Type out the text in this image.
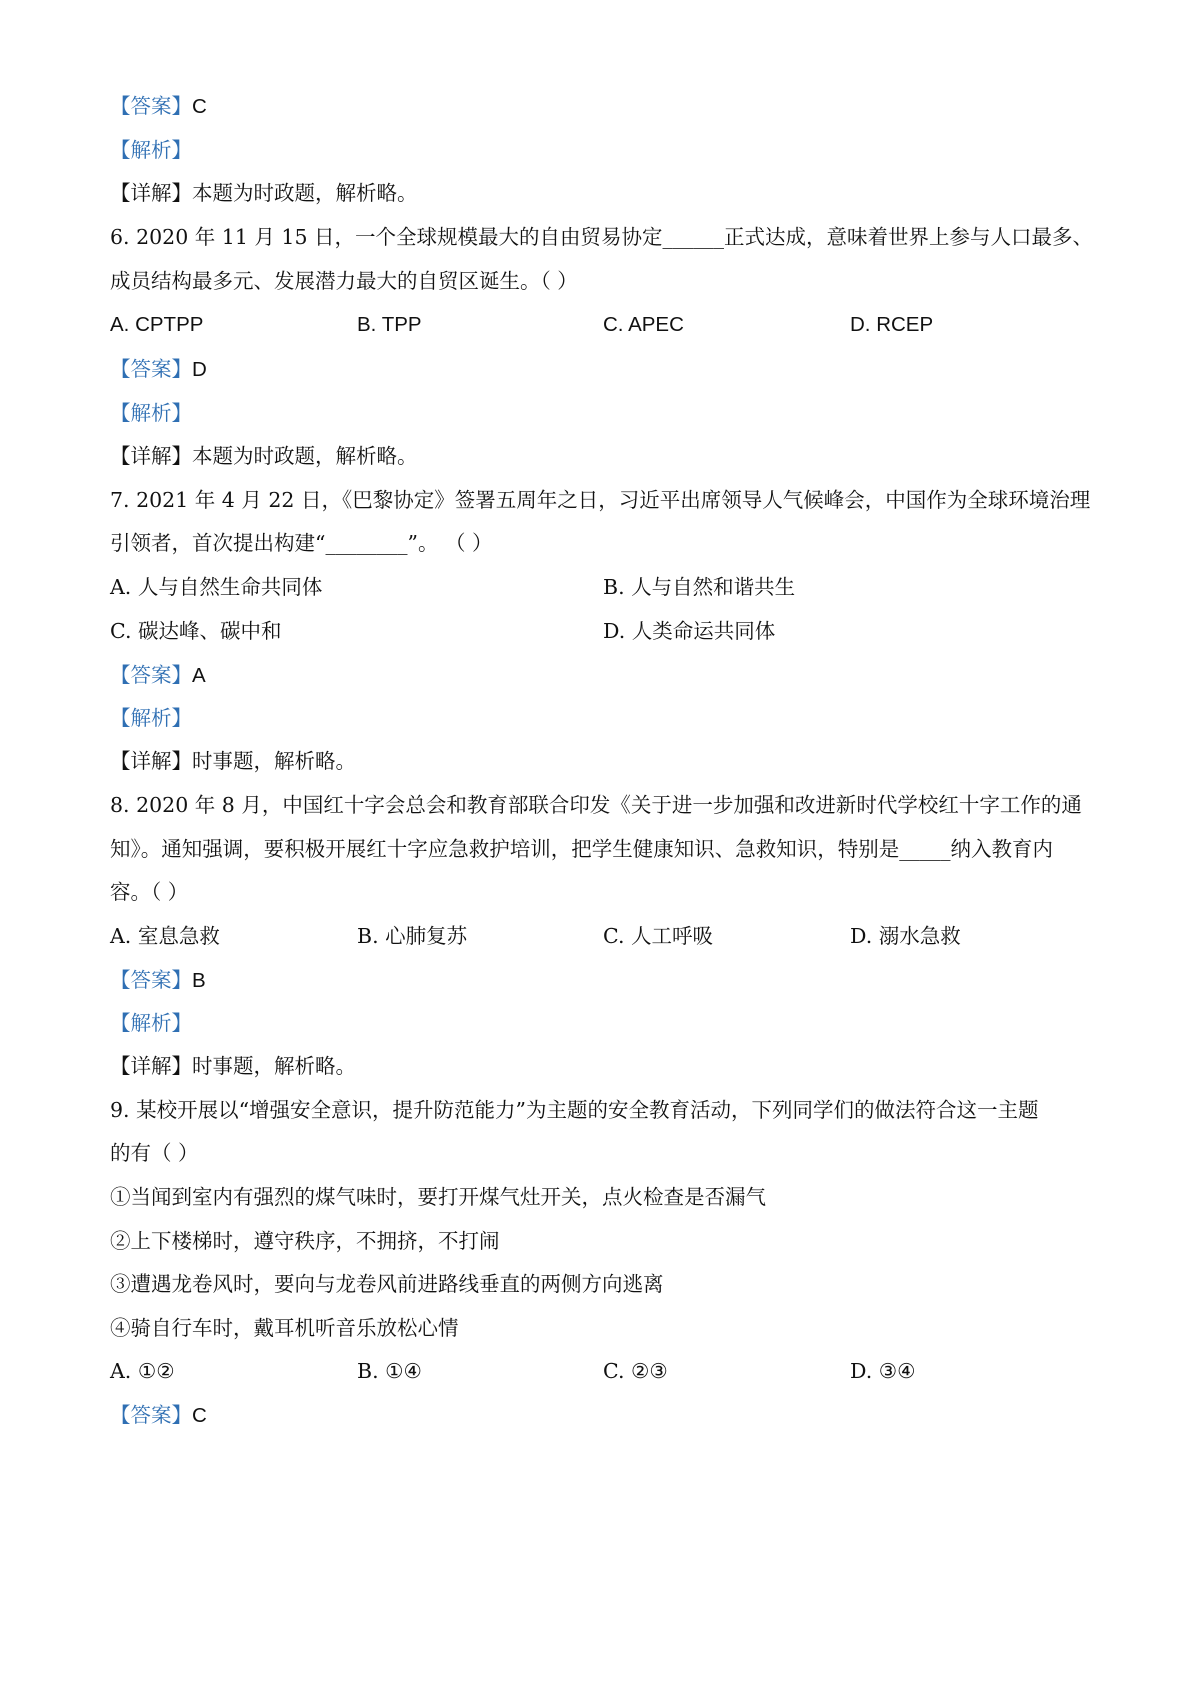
【答案】C
【解析】
【详解】本题为时政题，解析略。
6. 2020 年 11 月 15 日，一个全球规模最大的自由贸易协定______正式达成，意味着世界上参与人口最多、
成员结构最多元、发展潜力最大的自贸区诞生。（ ）
A. CPTPP	B. TPP	C. APEC	D. RCEP
【答案】D
【解析】
【详解】本题为时政题，解析略。
7. 2021 年 4 月 22 日，《巴黎协定》签署五周年之日，习近平出席领导人气候峰会，中国作为全球环境治理
引领者，首次提出构建“________”。 （ ）
A. 人与自然生命共同体	B. 人与自然和谐共生
C. 碳达峰、碳中和	D. 人类命运共同体
【答案】A
【解析】
【详解】时事题，解析略。
8. 2020 年 8 月，中国红十字会总会和教育部联合印发《关于进一步加强和改进新时代学校红十字工作的通
知》。通知强调，要积极开展红十字应急救护培训，把学生健康知识、急救知识，特别是_____纳入教育内
容。（ ）
A. 室息急救	B. 心肺复苏	C. 人工呼吸	D. 溺水急救
【答案】B
【解析】
【详解】时事题，解析略。
9. 某校开展以“增强安全意识，提升防范能力”为主题的安全教育活动，下列同学们的做法符合这一主题
的有（ ）
①当闻到室内有强烈的煤气味时，要打开煤气灶开关，点火检查是否漏气
②上下楼梯时，遵守秩序，不拥挤，不打闹
③遭遇龙卷风时，要向与龙卷风前进路线垂直的两侧方向逃离
④骑自行车时，戴耳机听音乐放松心情
A. ①②	B. ①④	C. ②③	D. ③④
【答案】C
